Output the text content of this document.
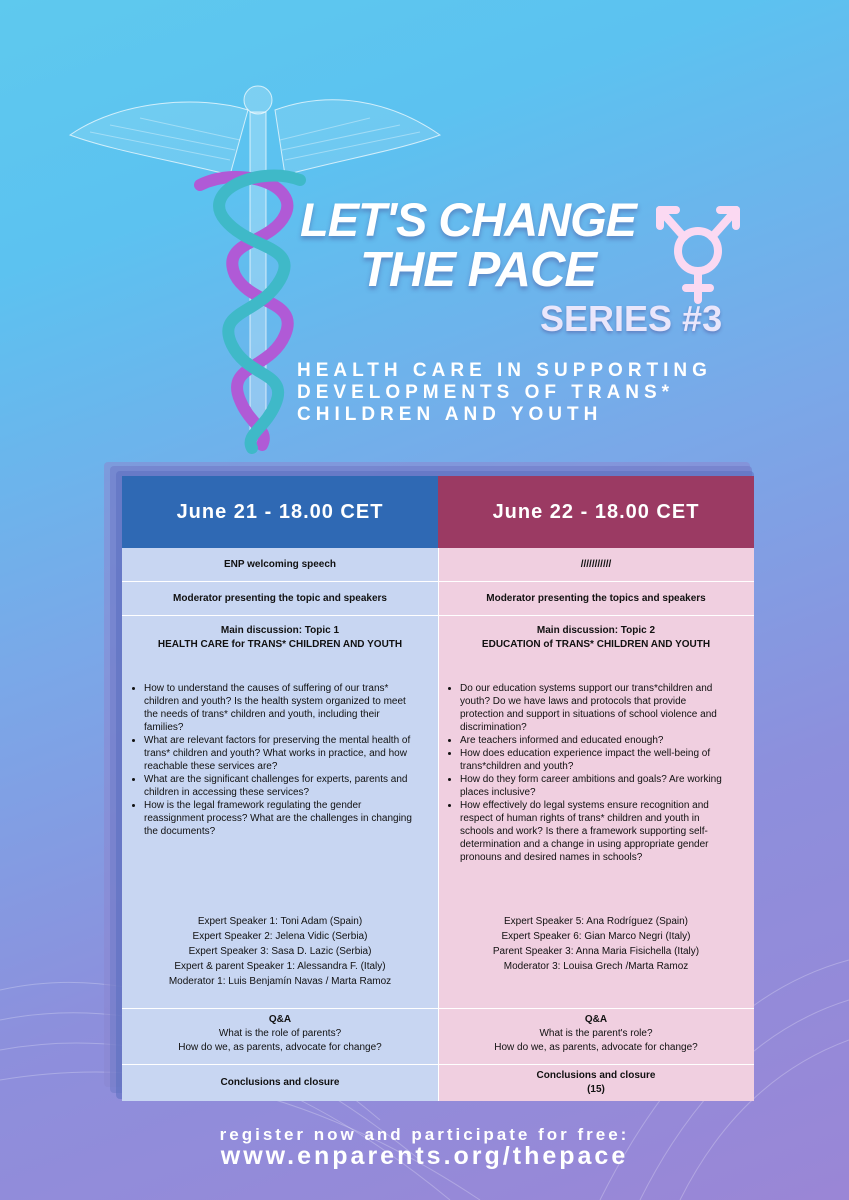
LET'S CHANGE
THE PACE
SERIES #3
HEALTH CARE IN SUPPORTING
DEVELOPMENTS OF TRANS*
CHILDREN AND YOUTH
June 21 - 18.00 CET	June 22 - 18.00 CET
ENP welcoming speech
Moderator presenting the topic and speakers
Main discussion: Topic 1
HEALTH CARE for TRANS* CHILDREN AND YOUTH
• How to understand the causes of suffering of our trans* children and youth? Is the health system organized to meet the needs of trans* children and youth, including their families?
• What are relevant factors for preserving the mental health of trans* children and youth? What works in practice, and how reachable these services are?
• What are the significant challenges for experts, parents and children in accessing these services?
• How is the legal framework regulating the gender reassignment process? What are the challenges in changing the documents?
Expert Speaker 1: Toni Adam (Spain)
Expert Speaker 2: Jelena Vidic (Serbia)
Expert Speaker 3: Sasa D. Lazic (Serbia)
Expert & parent Speaker 1: Alessandra F. (Italy)
Moderator 1: Luis Benjamín Navas / Marta Ramoz
Q&A
What is the role of parents?
How do we, as parents, advocate for change?
Conclusions and closure
///////////
Moderator presenting the topics and speakers
Main discussion: Topic 2
EDUCATION of TRANS* CHILDREN AND YOUTH
• Do our education systems support our trans*children and youth? Do we have laws and protocols that provide protection and support in situations of school violence and discrimination?
• Are teachers informed and educated enough?
• How does education experience impact the well-being of trans*children and youth?
• How do they form career ambitions and goals? Are working places inclusive?
• How effectively do legal systems ensure recognition and respect of human rights of trans* children and youth in schools and work? Is there a framework supporting self-determination and a change in using appropriate gender pronouns and desired names in schools?
Expert Speaker 5: Ana Rodríguez (Spain)
Expert Speaker 6: Gian Marco Negri (Italy)
Parent Speaker 3: Anna Maria Fisichella (Italy)
Moderator 3: Louisa Grech /Marta Ramoz
Q&A
What is the parent's role?
How do we, as parents, advocate for change?
Conclusions and closure
(15)
register now and participate for free:
www.enparents.org/thepace
